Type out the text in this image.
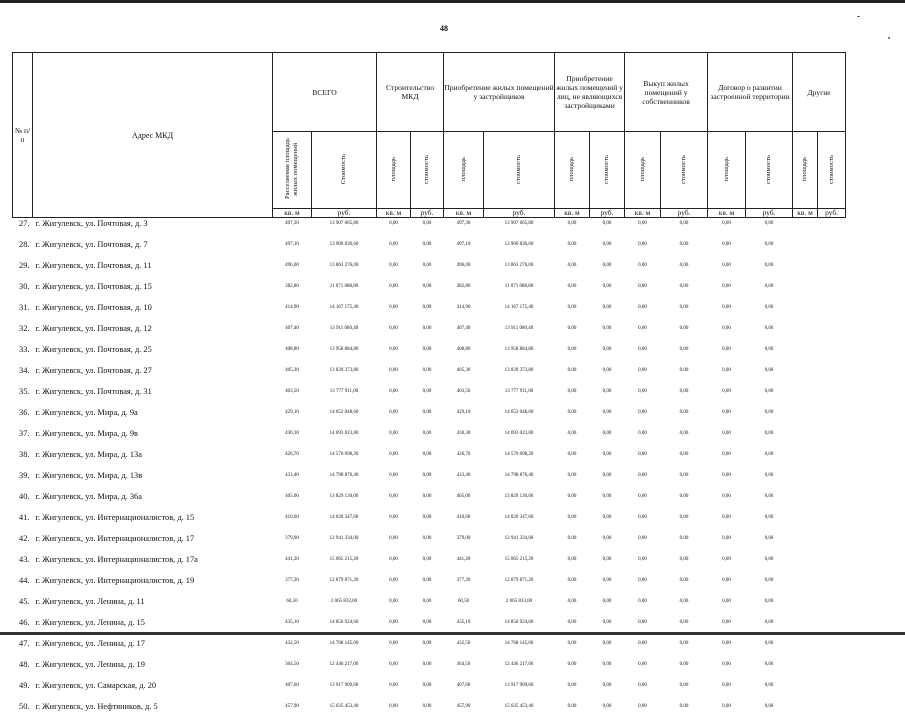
48
-
•
№ п/п	Адрес МКД	ВСЕГО		Строительство МКД		Приобретение жилых помещений у застройщиков		Приобретение жилых помещений у лиц, не являющихся застройщиками		Выкуп жилых помещений у собственников		Договор о развитии застроенной территории		Другие	
		Расселяемая площадь жилых помещений	Стоимость	площадь	стоимость	площадь	стоимость	площадь	стоимость	площадь	стоимость	площадь	стоимость	площадь	стоимость
		кв. м	руб.	кв. м	руб.	кв. м	руб.	кв. м	руб.	кв. м	руб.	кв. м	руб.	кв. м	руб.
27.	г. Жигулевск, ул. Почтовая, д. 3	497,30	13 907 665,80	0,00	0,00	497,30	13 907 665,80	0,00	0,00	0,00	0,00	0,00	0,00		
28.	г. Жигулевск, ул. Почтовая, д. 7	497,10	13 900 836,60	0,00	0,00	497,10	13 900 836,60	0,00	0,00	0,00	0,00	0,00	0,00		
29.	г. Жигулевск, ул. Почтовая, д. 11	496,00	13 863 276,00	0,00	0,00	496,00	13 863 276,00	0,00	0,00	0,00	0,00	0,00	0,00		
30.	г. Жигулевск, ул. Почтовая, д. 15	382,80	11 071 088,80	0,00	0,00	382,80	11 071 088,80	0,00	0,00	0,00	0,00	0,00	0,00		
31.	г. Жигулевск, ул. Почтовая, д. 10	414,90	14 167 175,40	0,00	0,00	414,90	14 167 175,40	0,00	0,00	0,00	0,00	0,00	0,00		
32.	г. Жигулевск, ул. Почтовая, д. 12	407,40	13 911 080,40	0,00	0,00	407,40	13 911 080,40	0,00	0,00	0,00	0,00	0,00	0,00		
33.	г. Жигулевск, ул. Почтовая, д. 25	408,80	13 958 884,80	0,00	0,00	408,80	13 958 884,80	0,00	0,00	0,00	0,00	0,00	0,00		
34.	г. Жигулевск, ул. Почтовая, д. 27	405,30	13 839 373,80	0,00	0,00	405,30	13 839 373,80	0,00	0,00	0,00	0,00	0,00	0,00		
35.	г. Жигулевск, ул. Почтовая, д. 31	403,50	13 777 911,00	0,00	0,00	403,50	13 777 911,00	0,00	0,00	0,00	0,00	0,00	0,00		
36.	г. Жигулевск, ул. Мира, д. 9а	429,10	14 652 048,60	0,00	0,00	429,10	14 652 048,60	0,00	0,00	0,00	0,00	0,00	0,00		
37.	г. Жигулевск, ул. Мира, д. 9в	430,30	14 693 023,80	0,00	0,00	430,30	14 693 023,80	0,00	0,00	0,00	0,00	0,00	0,00		
38.	г. Жигулевск, ул. Мира, д. 13а	426,70	14 570 098,20	0,00	0,00	426,70	14 570 098,20	0,00	0,00	0,00	0,00	0,00	0,00		
39.	г. Жигулевск, ул. Мира, д. 13в	433,40	14 798 876,40	0,00	0,00	433,40	14 798 876,40	0,00	0,00	0,00	0,00	0,00	0,00		
40.	г. Жигулевск, ул. Мира, д. 36а	405,00	13 829 130,00	0,00	0,00	405,00	13 829 130,00	0,00	0,00	0,00	0,00	0,00	0,00		
41.	г. Жигулевск, ул. Интернационалистов, д. 15	410,60	14 020 347,60	0,00	0,00	410,60	14 020 347,60	0,00	0,00	0,00	0,00	0,00	0,00		
42.	г. Жигулевск, ул. Интернационалистов, д. 17	379,00	12 941 334,00	0,00	0,00	379,00	12 941 334,00	0,00	0,00	0,00	0,00	0,00	0,00		
43.	г. Жигулевск, ул. Интернационалистов, д. 17а	441,20	15 065 215,20	0,00	0,00	441,20	15 065 215,20	0,00	0,00	0,00	0,00	0,00	0,00		
44.	г. Жигулевск, ул. Интернационалистов, д. 19	377,20	12 879 871,20	0,00	0,00	377,20	12 879 871,20	0,00	0,00	0,00	0,00	0,00	0,00		
45.	г. Жигулевск, ул. Ленина, д. 11	60,50	2 065 833,00	0,00	0,00	60,50	2 065 833,00	0,00	0,00	0,00	0,00	0,00	0,00		
46.	г. Жигулевск, ул. Ленина, д. 15	435,10	14 856 924,60	0,00	0,00	435,10	14 856 924,60	0,00	0,00	0,00	0,00	0,00	0,00		
47.	г. Жигулевск, ул. Ленина, д. 17	432,50	14 768 145,00	0,00	0,00	432,50	14 768 145,00	0,00	0,00	0,00	0,00	0,00	0,00		
48.	г. Жигулевск, ул. Ленина, д. 19	364,50	12 446 217,00	0,00	0,00	364,50	12 446 217,00	0,00	0,00	0,00	0,00	0,00	0,00		
49.	г. Жигулевск, ул. Самарская, д. 20	407,60	13 917 909,60	0,00	0,00	407,60	13 917 909,60	0,00	0,00	0,00	0,00	0,00	0,00		
50.	г. Жигулевск, ул. Нефтяников, д. 5	457,90	15 635 453,40	0,00	0,00	457,90	15 635 453,40	0,00	0,00	0,00	0,00	0,00	0,00		
